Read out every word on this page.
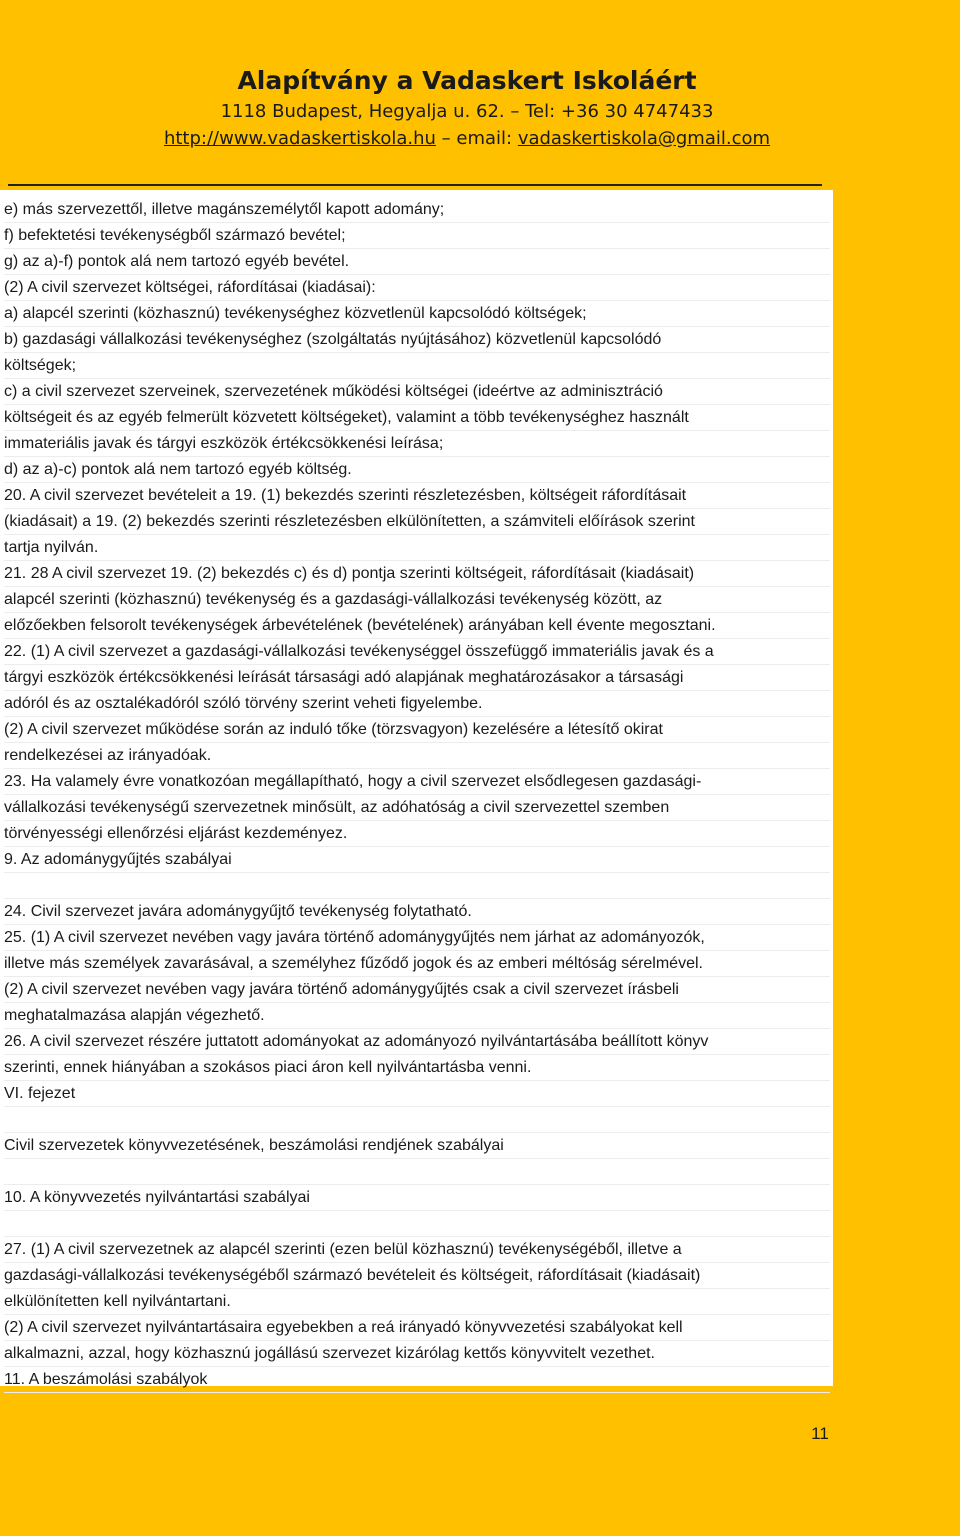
Alapítvány a Vadaskert Iskoláért
1118 Budapest, Hegyalja u. 62. – Tel: +36 30 4747433
http://www.vadaskertiskola.hu – email: vadaskertiskola@gmail.com
e) más szervezettől, illetve magánszemélytől kapott adomány;
f) befektetési tevékenységből származó bevétel;
g) az a)-f) pontok alá nem tartozó egyéb bevétel.
(2) A civil szervezet költségei, ráfordításai (kiadásai):
a) alapcél szerinti (közhasznú) tevékenységhez közvetlenül kapcsolódó költségek;
b) gazdasági vállalkozási tevékenységhez (szolgáltatás nyújtásához) közvetlenül kapcsolódó
költségek;
c) a civil szervezet szerveinek, szervezetének működési költségei (ideértve az adminisztráció
költségeit és az egyéb felmerült közvetett költségeket), valamint a több tevékenységhez használt
immateriális javak és tárgyi eszközök értékcsökkenési leírása;
d) az a)-c) pontok alá nem tartozó egyéb költség.
20. A civil szervezet bevételeit a 19. (1) bekezdés szerinti részletezésben, költségeit ráfordításait
(kiadásait) a 19. (2) bekezdés szerinti részletezésben elkülönítetten, a számviteli előírások szerint
tartja nyilván.
21. 28 A civil szervezet 19. (2) bekezdés c) és d) pontja szerinti költségeit, ráfordításait (kiadásait)
alapcél szerinti (közhasznú) tevékenység és a gazdasági-vállalkozási tevékenység között, az
előzőekben felsorolt tevékenységek árbevételének (bevételének) arányában kell évente megosztani.
22. (1) A civil szervezet a gazdasági-vállalkozási tevékenységgel összefüggő immateriális javak és a
tárgyi eszközök értékcsökkenési leírását társasági adó alapjának meghatározásakor a társasági
adóról és az osztalékadóról szóló törvény szerint veheti figyelembe.
(2) A civil szervezet működése során az induló tőke (törzsvagyon) kezelésére a létesítő okirat
rendelkezései az irányadóak.
23. Ha valamely évre vonatkozóan megállapítható, hogy a civil szervezet elsődlegesen gazdasági-
vállalkozási tevékenységű szervezetnek minősült, az adóhatóság a civil szervezettel szemben
törvényességi ellenőrzési eljárást kezdeményez.
9. Az adománygyűjtés szabályai
24. Civil szervezet javára adománygyűjtő tevékenység folytatható.
25. (1) A civil szervezet nevében vagy javára történő adománygyűjtés nem járhat az adományozók,
illetve más személyek zavarásával, a személyhez fűződő jogok és az emberi méltóság sérelmével.
(2) A civil szervezet nevében vagy javára történő adománygyűjtés csak a civil szervezet írásbeli
meghatalmazása alapján végezhető.
26. A civil szervezet részére juttatott adományokat az adományozó nyilvántartásába beállított könyv
szerinti, ennek hiányában a szokásos piaci áron kell nyilvántartásba venni.
VI. fejezet
Civil szervezetek könyvvezetésének, beszámolási rendjének szabályai
10. A könyvvezetés nyilvántartási szabályai
27. (1) A civil szervezetnek az alapcél szerinti (ezen belül közhasznú) tevékenységéből, illetve a
gazdasági-vállalkozási tevékenységéből származó bevételeit és költségeit, ráfordításait (kiadásait)
elkülönítetten kell nyilvántartani.
(2) A civil szervezet nyilvántartásaira egyebekben a reá irányadó könyvvezetési szabályokat kell
alkalmazni, azzal, hogy közhasznú jogállású szervezet kizárólag kettős könyvvitelt vezethet.
11. A beszámolási szabályok
11
